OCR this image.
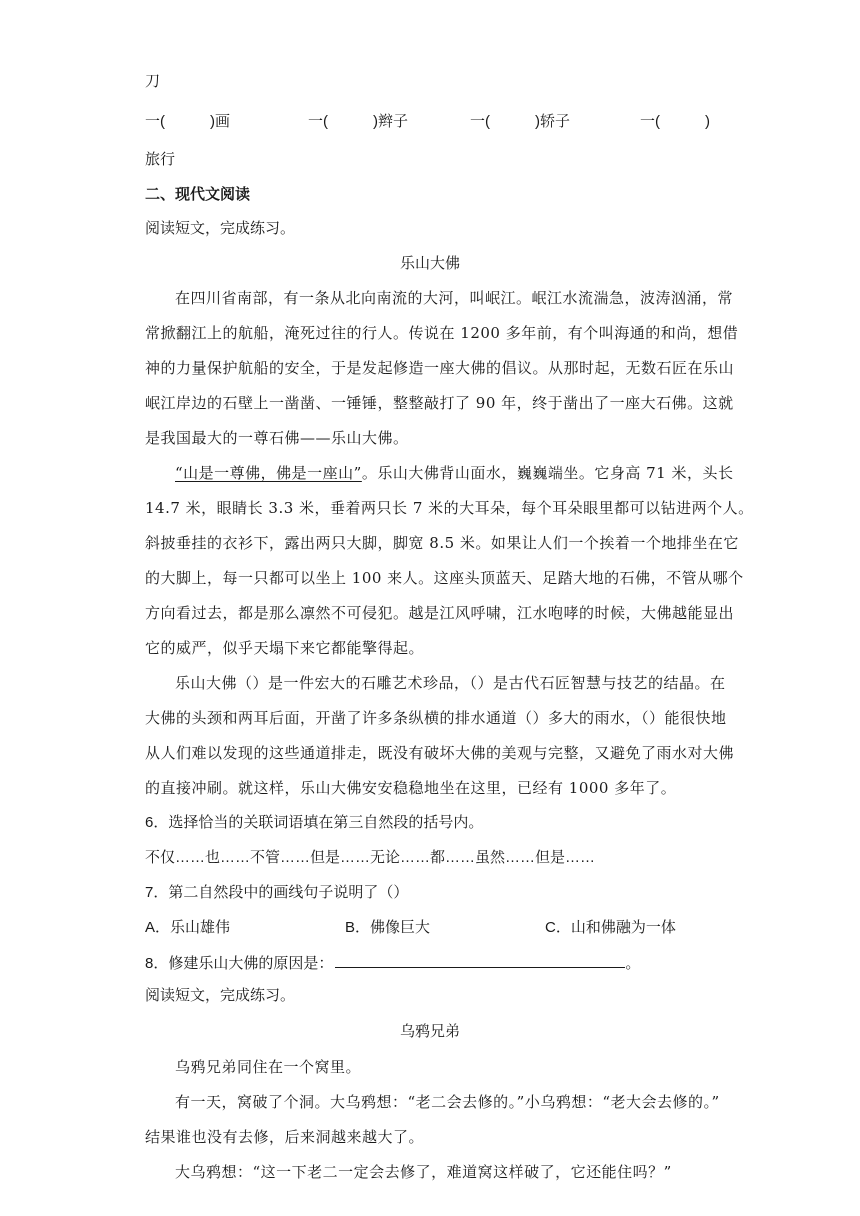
刀
一(　　　)画	一(　　　)辫子	一(　　　)轿子	一(　　　)
旅行
二、现代文阅读
阅读短文，完成练习。
乐山大佛
在四川省南部，有一条从北向南流的大河，叫岷江。岷江水流湍急，波涛汹涌，常
常掀翻江上的航船，淹死过往的行人。传说在 1200 多年前，有个叫海通的和尚，想借
神的力量保护航船的安全，于是发起修造一座大佛的倡议。从那时起，无数石匠在乐山
岷江岸边的石壁上一凿凿、一锤锤，整整敲打了 90 年，终于凿出了一座大石佛。这就
是我国最大的一尊石佛——乐山大佛。
“山是一尊佛，佛是一座山”。乐山大佛背山面水，巍巍端坐。它身高 71 米，头长
14.7 米，眼睛长 3.3 米，垂着两只长 7 米的大耳朵，每个耳朵眼里都可以钻进两个人。
斜披垂挂的衣衫下，露出两只大脚，脚宽 8.5 米。如果让人们一个挨着一个地排坐在它
的大脚上，每一只都可以坐上 100 来人。这座头顶蓝天、足踏大地的石佛，不管从哪个
方向看过去，都是那么凛然不可侵犯。越是江风呼啸，江水咆哮的时候，大佛越能显出
它的威严，似乎天塌下来它都能擎得起。
乐山大佛（）是一件宏大的石雕艺术珍品，（）是古代石匠智慧与技艺的结晶。在
大佛的头颈和两耳后面，开凿了许多条纵横的排水通道（）多大的雨水，（）能很快地
从人们难以发现的这些通道排走，既没有破坏大佛的美观与完整，又避免了雨水对大佛
的直接冲刷。就这样，乐山大佛安安稳稳地坐在这里，已经有 1000 多年了。
6．选择恰当的关联词语填在第三自然段的括号内。
不仅……也……不管……但是……无论……都……虽然……但是……
7．第二自然段中的画线句子说明了（）
A．乐山雄伟	B．佛像巨大	C．山和佛融为一体
8．修建乐山大佛的原因是：	。
阅读短文，完成练习。
乌鸦兄弟
乌鸦兄弟同住在一个窝里。
有一天，窝破了个洞。大乌鸦想：“老二会去修的。”小乌鸦想：“老大会去修的。”
结果谁也没有去修，后来洞越来越大了。
大乌鸦想：“这一下老二一定会去修了，难道窝这样破了，它还能住吗？”
